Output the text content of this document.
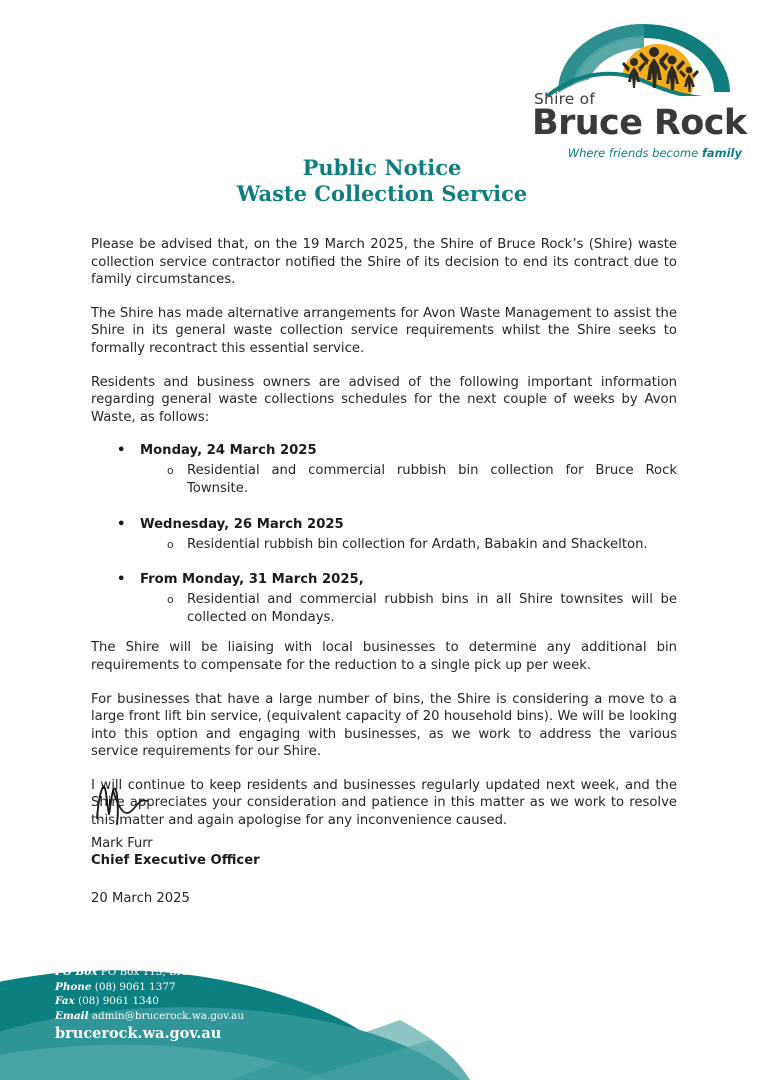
Shire of
Bruce Rock
Where friends become family
Public Notice
Waste Collection Service

Please be advised that, on the 19 March 2025, the Shire of Bruce Rock’s (Shire) waste collection service contractor notified the Shire of its decision to end its contract due to family circumstances.

The Shire has made alternative arrangements for Avon Waste Management to assist the Shire in its general waste collection service requirements whilst the Shire seeks to formally recontract this essential service.

Residents and business owners are advised of the following important information regarding general waste collections schedules for the next couple of weeks by Avon Waste, as follows:

• Monday, 24 March 2025
o Residential and commercial rubbish bin collection for Bruce Rock Townsite.
• Wednesday, 26 March 2025
o Residential rubbish bin collection for Ardath, Babakin and Shackelton.
• From Monday, 31 March 2025,
o Residential and commercial rubbish bins in all Shire townsites will be collected on Mondays.

The Shire will be liaising with local businesses to determine any additional bin requirements to compensate for the reduction to a single pick up per week.

For businesses that have a large number of bins, the Shire is considering a move to a large front lift bin service, (equivalent capacity of 20 household bins). We will be looking into this option and engaging with businesses, as we work to address the various service requirements for our Shire.

I will continue to keep residents and businesses regularly updated next week, and the Shire appreciates your consideration and patience in this matter as we work to resolve this matter and again apologise for any inconvenience caused.

Mark Furr
Chief Executive Officer
20 March 2025
54 Johnson Street,
Bruce Rock, 6418
PO Box PO Box 113, Bruce Rock WA 6418
Phone (08) 9061 1377
Fax (08) 9061 1340
Email admin@brucerock.wa.gov.au
brucerock.wa.gov.au
